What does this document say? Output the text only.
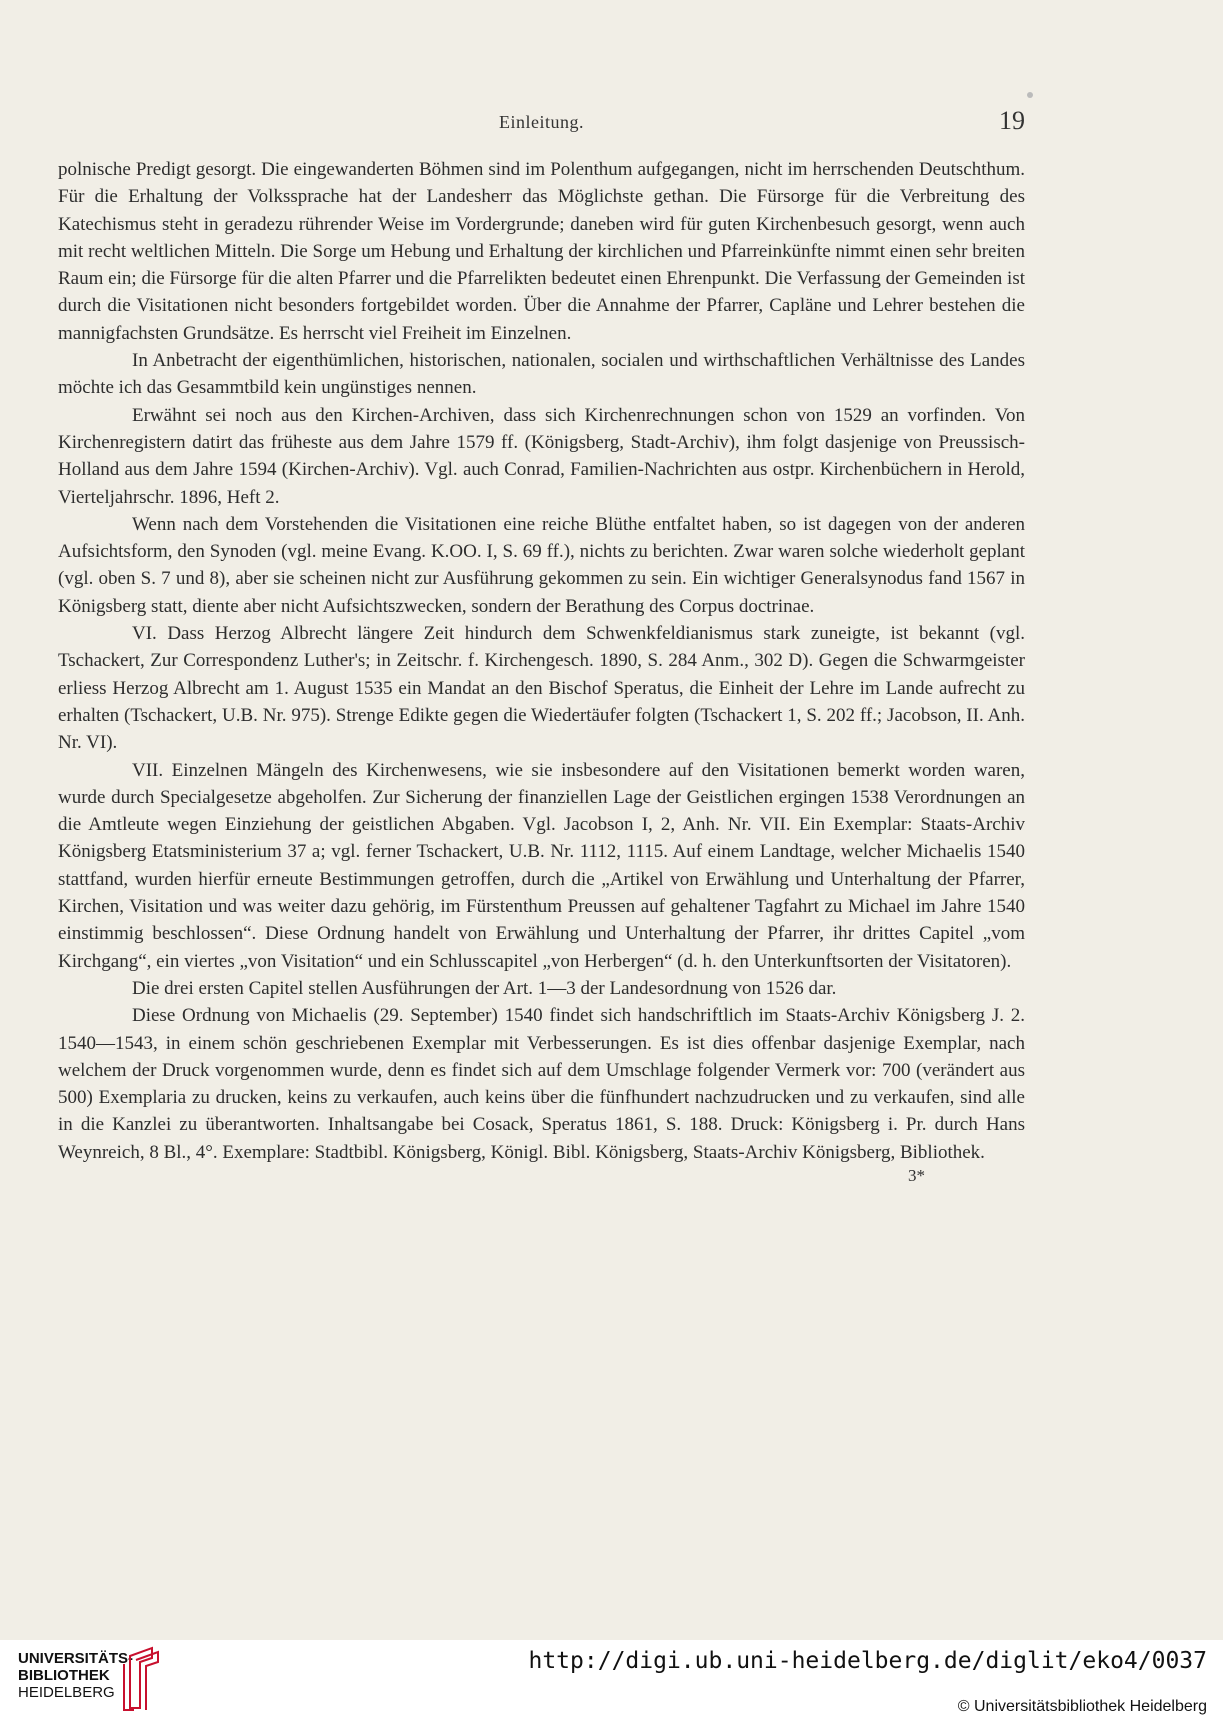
Einleitung.	19

polnische Predigt gesorgt. Die eingewanderten Böhmen sind im Polenthum aufgegangen, nicht im herrschenden Deutschthum. Für die Erhaltung der Volkssprache hat der Landesherr das Möglichste gethan. Die Fürsorge für die Verbreitung des Katechismus steht in geradezu rührender Weise im Vordergrunde; daneben wird für guten Kirchenbesuch gesorgt, wenn auch mit recht weltlichen Mitteln. Die Sorge um Hebung und Erhaltung der kirchlichen und Pfarreinkünfte nimmt einen sehr breiten Raum ein; die Fürsorge für die alten Pfarrer und die Pfarrelikten bedeutet einen Ehrenpunkt. Die Verfassung der Gemeinden ist durch die Visitationen nicht besonders fortgebildet worden. Über die Annahme der Pfarrer, Capläne und Lehrer bestehen die mannigfachsten Grundsätze. Es herrscht viel Freiheit im Einzelnen.

In Anbetracht der eigenthümlichen, historischen, nationalen, socialen und wirthschaftlichen Verhältnisse des Landes möchte ich das Gesammtbild kein ungünstiges nennen.

Erwähnt sei noch aus den Kirchen-Archiven, dass sich Kirchenrechnungen schon von 1529 an vorfinden. Von Kirchenregistern datirt das früheste aus dem Jahre 1579 ff. (Königsberg, Stadt-Archiv), ihm folgt dasjenige von Preussisch-Holland aus dem Jahre 1594 (Kirchen-Archiv). Vgl. auch Conrad, Familien-Nachrichten aus ostpr. Kirchenbüchern in Herold, Vierteljahrschr. 1896, Heft 2.

Wenn nach dem Vorstehenden die Visitationen eine reiche Blüthe entfaltet haben, so ist dagegen von der anderen Aufsichtsform, den Synoden (vgl. meine Evang. K.OO. I, S. 69 ff.), nichts zu berichten. Zwar waren solche wiederholt geplant (vgl. oben S. 7 und 8), aber sie scheinen nicht zur Ausführung gekommen zu sein. Ein wichtiger Generalsynodus fand 1567 in Königsberg statt, diente aber nicht Aufsichtszwecken, sondern der Berathung des Corpus doctrinae.

VI. Dass Herzog Albrecht längere Zeit hindurch dem Schwenkfeldianismus stark zuneigte, ist bekannt (vgl. Tschackert, Zur Correspondenz Luther's; in Zeitschr. f. Kirchengesch. 1890, S. 284 Anm., 302 D). Gegen die Schwarmgeister erliess Herzog Albrecht am 1. August 1535 ein Mandat an den Bischof Speratus, die Einheit der Lehre im Lande aufrecht zu erhalten (Tschackert, U.B. Nr. 975). Strenge Edikte gegen die Wiedertäufer folgten (Tschackert 1, S. 202 ff.; Jacobson, II. Anh. Nr. VI).

VII. Einzelnen Mängeln des Kirchenwesens, wie sie insbesondere auf den Visitationen bemerkt worden waren, wurde durch Specialgesetze abgeholfen. Zur Sicherung der finanziellen Lage der Geistlichen ergingen 1538 Verordnungen an die Amtleute wegen Einziehung der geistlichen Abgaben. Vgl. Jacobson I, 2, Anh. Nr. VII. Ein Exemplar: Staats-Archiv Königsberg Etatsministerium 37 a; vgl. ferner Tschackert, U.B. Nr. 1112, 1115. Auf einem Landtage, welcher Michaelis 1540 stattfand, wurden hierfür erneute Bestimmungen getroffen, durch die „Artikel von Erwählung und Unterhaltung der Pfarrer, Kirchen, Visitation und was weiter dazu gehörig, im Fürstenthum Preussen auf gehaltener Tagfahrt zu Michael im Jahre 1540 einstimmig beschlossen“. Diese Ordnung handelt von Erwählung und Unterhaltung der Pfarrer, ihr drittes Capitel „vom Kirchgang“, ein viertes „von Visitation“ und ein Schlusscapitel „von Herbergen“ (d. h. den Unterkunftsorten der Visitatoren).

Die drei ersten Capitel stellen Ausführungen der Art. 1—3 der Landesordnung von 1526 dar.

Diese Ordnung von Michaelis (29. September) 1540 findet sich handschriftlich im Staats-Archiv Königsberg J. 2. 1540—1543, in einem schön geschriebenen Exemplar mit Verbesserungen. Es ist dies offenbar dasjenige Exemplar, nach welchem der Druck vorgenommen wurde, denn es findet sich auf dem Umschlage folgender Vermerk vor: 700 (verändert aus 500) Exemplaria zu drucken, keins zu verkaufen, auch keins über die fünfhundert nachzudrucken und zu verkaufen, sind alle in die Kanzlei zu überantworten. Inhaltsangabe bei Cosack, Speratus 1861, S. 188. Druck: Königsberg i. Pr. durch Hans Weynreich, 8 Bl., 4°. Exemplare: Stadtbibl. Königsberg, Königl. Bibl. Königsberg, Staats-Archiv Königsberg, Bibliothek.

3*

UNIVERSITÄTS-
BIBLIOTHEK
HEIDELBERG
http://digi.ub.uni-heidelberg.de/diglit/eko4/0037
© Universitätsbibliothek Heidelberg
